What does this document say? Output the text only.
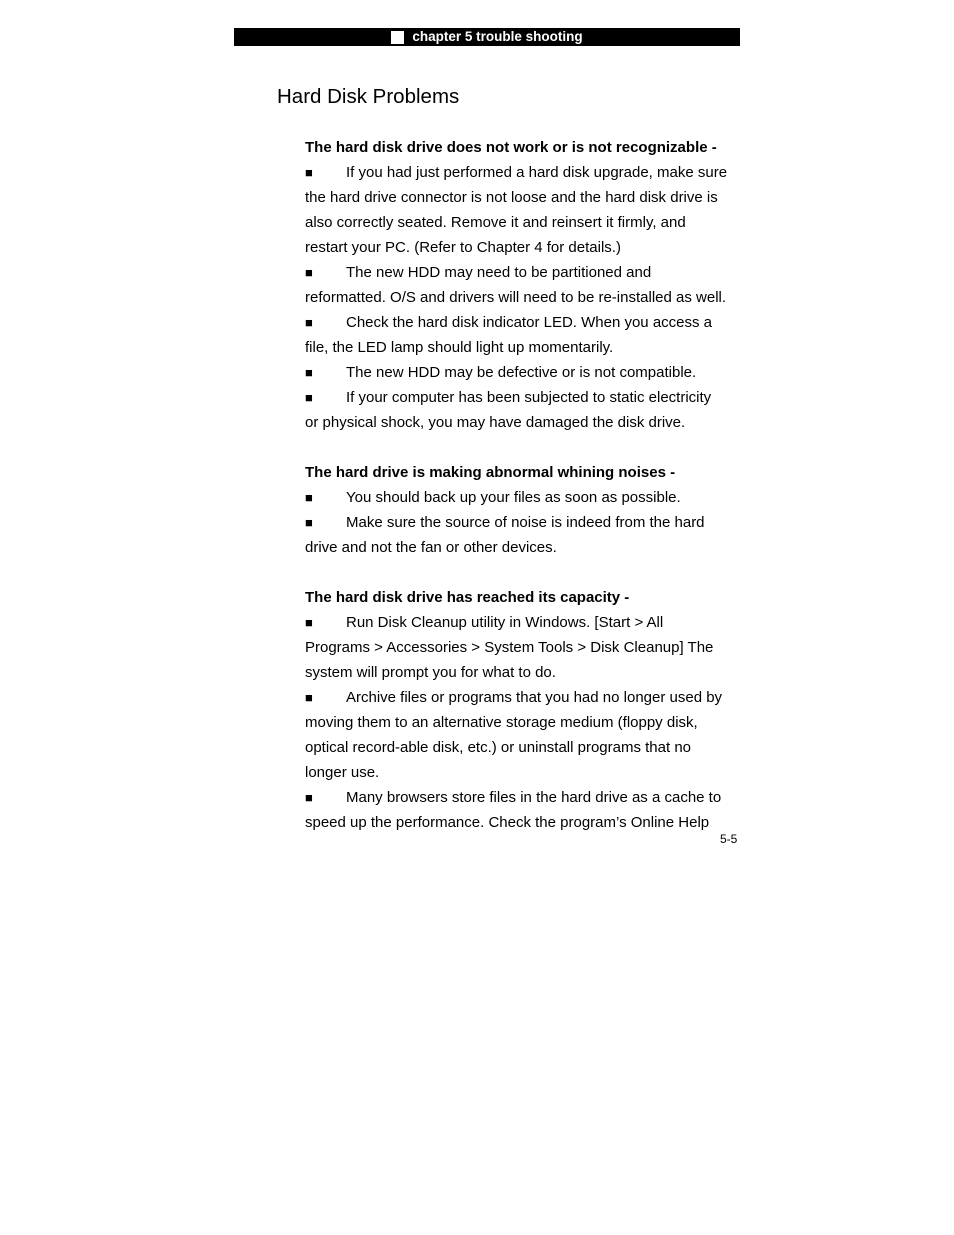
chapter 5 trouble shooting
Hard Disk Problems
The hard disk drive does not work or is not recognizable -
■ If you had just performed a hard disk upgrade, make sure
the hard drive connector is not loose and the hard disk drive is
also correctly seated. Remove it and reinsert it firmly, and
restart your PC. (Refer to Chapter 4 for details.)
■ The new HDD may need to be partitioned and
reformatted. O/S and drivers will need to be re-installed as well.
■ Check the hard disk indicator LED. When you access a
file, the LED lamp should light up momentarily.
■ The new HDD may be defective or is not compatible.
■ If your computer has been subjected to static electricity
or physical shock, you may have damaged the disk drive.
The hard drive is making abnormal whining noises -
■ You should back up your files as soon as possible.
■ Make sure the source of noise is indeed from the hard
drive and not the fan or other devices.
The hard disk drive has reached its capacity -
■ Run Disk Cleanup utility in Windows. [Start > All
Programs > Accessories > System Tools > Disk Cleanup] The
system will prompt you for what to do.
■ Archive files or programs that you had no longer used by
moving them to an alternative storage medium (floppy disk,
optical record-able disk, etc.) or uninstall programs that no
longer use.
■ Many browsers store files in the hard drive as a cache to
speed up the performance. Check the program’s Online Help
5-5
